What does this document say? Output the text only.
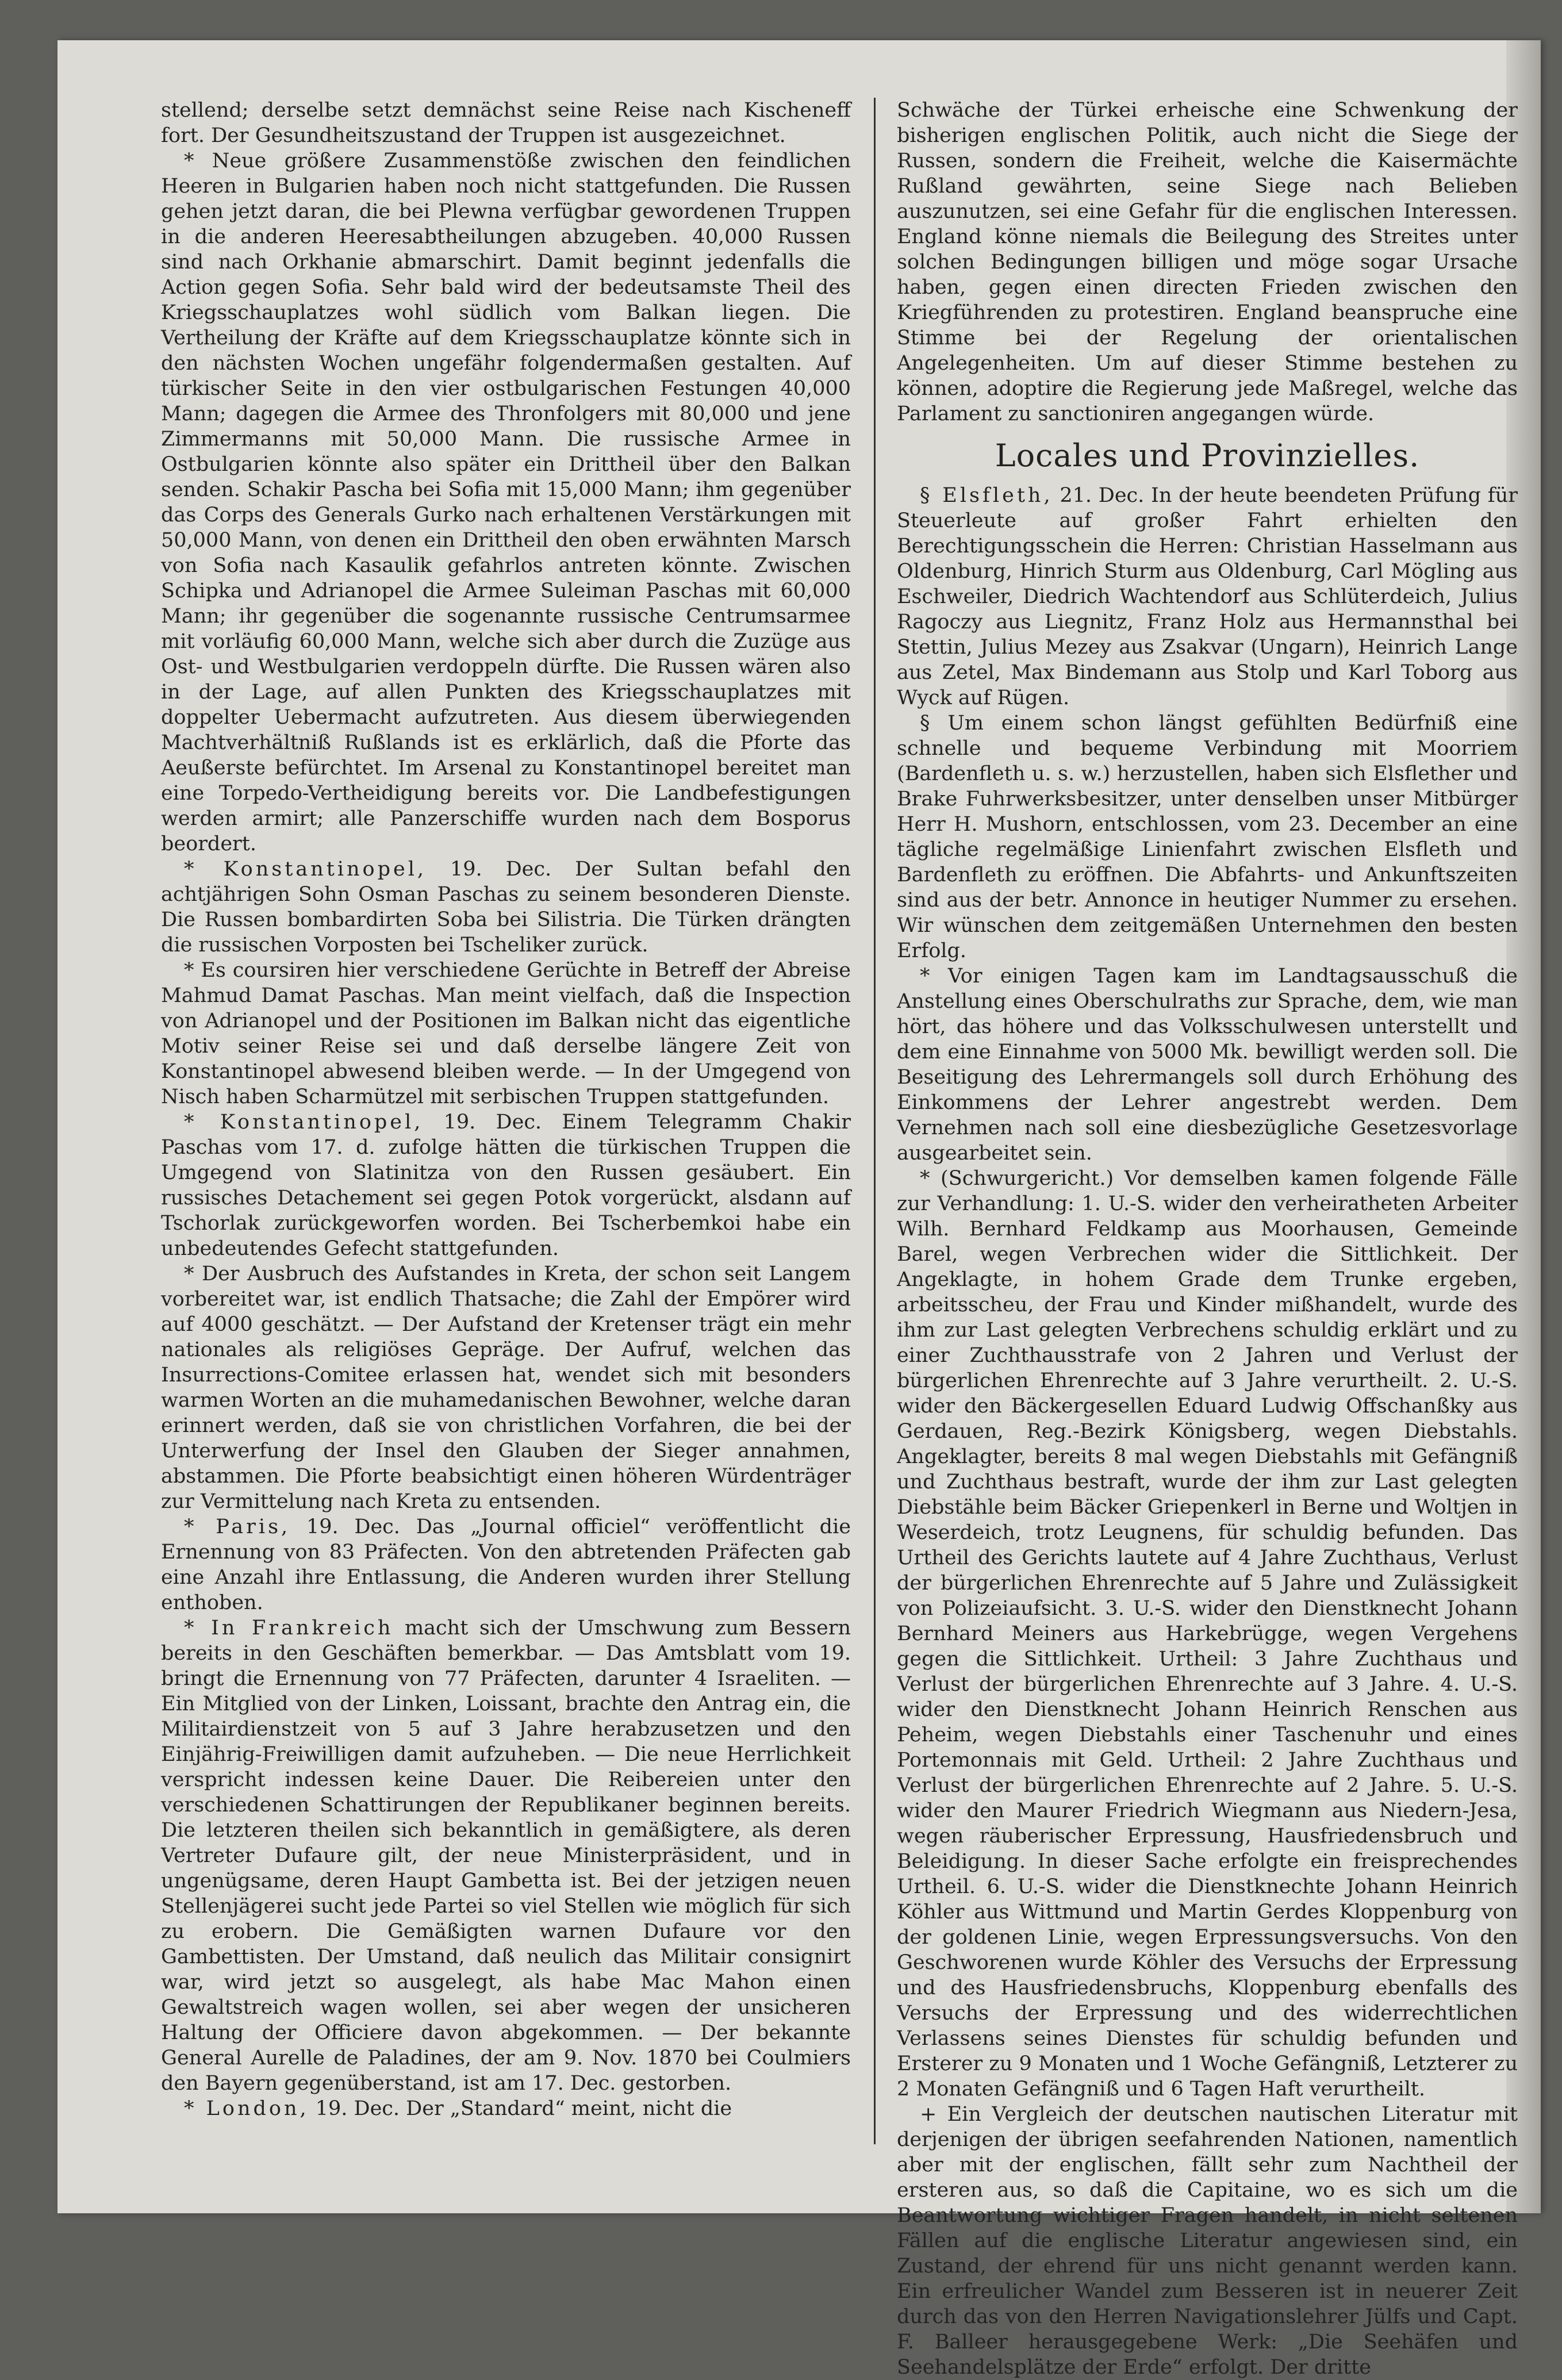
stellend; derselbe setzt demnächst seine Reise nach Kischeneff fort. Der Gesundheitszustand der Truppen ist ausgezeichnet.

* Neue größere Zusammenstöße zwischen den feindlichen Heeren in Bulgarien haben noch nicht stattgefunden. Die Russen gehen jetzt daran, die bei Plewna verfügbar gewordenen Truppen in die anderen Heeresabtheilungen abzugeben. 40,000 Russen sind nach Orkhanie abmarschirt. Damit beginnt jedenfalls die Action gegen Sofia. Sehr bald wird der bedeutsamste Theil des Kriegsschauplatzes wohl südlich vom Balkan liegen. Die Vertheilung der Kräfte auf dem Kriegsschauplatze könnte sich in den nächsten Wochen ungefähr folgendermaßen gestalten. Auf türkischer Seite in den vier ostbulgarischen Festungen 40,000 Mann; dagegen die Armee des Thronfolgers mit 80,000 und jene Zimmermanns mit 50,000 Mann. Die russische Armee in Ostbulgarien könnte also später ein Drittheil über den Balkan senden. Schakir Pascha bei Sofia mit 15,000 Mann; ihm gegenüber das Corps des Generals Gurko nach erhaltenen Verstärkungen mit 50,000 Mann, von denen ein Drittheil den oben erwähnten Marsch von Sofia nach Kasaulik gefahrlos antreten könnte. Zwischen Schipka und Adrianopel die Armee Suleiman Paschas mit 60,000 Mann; ihr gegenüber die sogenannte russische Centrumsarmee mit vorläufig 60,000 Mann, welche sich aber durch die Zuzüge aus Ost- und Westbulgarien verdoppeln dürfte. Die Russen wären also in der Lage, auf allen Punkten des Kriegsschauplatzes mit doppelter Uebermacht aufzutreten. Aus diesem überwiegenden Machtverhältniß Rußlands ist es erklärlich, daß die Pforte das Aeußerste befürchtet. Im Arsenal zu Konstantinopel bereitet man eine Torpedo-Vertheidigung bereits vor. Die Landbefestigungen werden armirt; alle Panzerschiffe wurden nach dem Bosporus beordert.

* Konstantinopel, 19. Dec. Der Sultan befahl den achtjährigen Sohn Osman Paschas zu seinem besonderen Dienste. Die Russen bombardirten Soba bei Silistria. Die Türken drängten die russischen Vorposten bei Tscheliker zurück.

* Es coursiren hier verschiedene Gerüchte in Betreff der Abreise Mahmud Damat Paschas. Man meint vielfach, daß die Inspection von Adrianopel und der Positionen im Balkan nicht das eigentliche Motiv seiner Reise sei und daß derselbe längere Zeit von Konstantinopel abwesend bleiben werde. — In der Umgegend von Nisch haben Scharmützel mit serbischen Truppen stattgefunden.

* Konstantinopel, 19. Dec. Einem Telegramm Chakir Paschas vom 17. d. zufolge hätten die türkischen Truppen die Umgegend von Slatinitza von den Russen gesäubert. Ein russisches Detachement sei gegen Potok vorgerückt, alsdann auf Tschorlak zurückgeworfen worden. Bei Tscherbemkoi habe ein unbedeutendes Gefecht stattgefunden.

* Der Ausbruch des Aufstandes in Kreta, der schon seit Langem vorbereitet war, ist endlich Thatsache; die Zahl der Empörer wird auf 4000 geschätzt. — Der Aufstand der Kretenser trägt ein mehr nationales als religiöses Gepräge. Der Aufruf, welchen das Insurrections-Comitee erlassen hat, wendet sich mit besonders warmen Worten an die muhamedanischen Bewohner, welche daran erinnert werden, daß sie von christlichen Vorfahren, die bei der Unterwerfung der Insel den Glauben der Sieger annahmen, abstammen. Die Pforte beabsichtigt einen höheren Würdenträger zur Vermittelung nach Kreta zu entsenden.

* Paris, 19. Dec. Das „Journal officiel“ veröffentlicht die Ernennung von 83 Präfecten. Von den abtretenden Präfecten gab eine Anzahl ihre Entlassung, die Anderen wurden ihrer Stellung enthoben.

* In Frankreich macht sich der Umschwung zum Bessern bereits in den Geschäften bemerkbar. — Das Amtsblatt vom 19. bringt die Ernennung von 77 Präfecten, darunter 4 Israeliten. — Ein Mitglied von der Linken, Loissant, brachte den Antrag ein, die Militairdienstzeit von 5 auf 3 Jahre herabzusetzen und den Einjährig-Freiwilligen damit aufzuheben. — Die neue Herrlichkeit verspricht indessen keine Dauer. Die Reibereien unter den verschiedenen Schattirungen der Republikaner beginnen bereits. Die letzteren theilen sich bekanntlich in gemäßigtere, als deren Vertreter Dufaure gilt, der neue Ministerpräsident, und in ungenügsame, deren Haupt Gambetta ist. Bei der jetzigen neuen Stellenjägerei sucht jede Partei so viel Stellen wie möglich für sich zu erobern. Die Gemäßigten warnen Dufaure vor den Gambettisten. Der Umstand, daß neulich das Militair consignirt war, wird jetzt so ausgelegt, als habe Mac Mahon einen Gewaltstreich wagen wollen, sei aber wegen der unsicheren Haltung der Officiere davon abgekommen. — Der bekannte General Aurelle de Paladines, der am 9. Nov. 1870 bei Coulmiers den Bayern gegenüberstand, ist am 17. Dec. gestorben.

* London, 19. Dec. Der „Standard“ meint, nicht die

Schwäche der Türkei erheische eine Schwenkung der bisherigen englischen Politik, auch nicht die Siege der Russen, sondern die Freiheit, welche die Kaisermächte Rußland gewährten, seine Siege nach Belieben auszunutzen, sei eine Gefahr für die englischen Interessen. England könne niemals die Beilegung des Streites unter solchen Bedingungen billigen und möge sogar Ursache haben, gegen einen directen Frieden zwischen den Kriegführenden zu protestiren. England beanspruche eine Stimme bei der Regelung der orientalischen Angelegenheiten. Um auf dieser Stimme bestehen zu können, adoptire die Regierung jede Maßregel, welche das Parlament zu sanctioniren angegangen würde.

Locales und Provinzielles.

§ Elsfleth, 21. Dec. In der heute beendeten Prüfung für Steuerleute auf großer Fahrt erhielten den Berechtigungsschein die Herren: Christian Hasselmann aus Oldenburg, Hinrich Sturm aus Oldenburg, Carl Mögling aus Eschweiler, Diedrich Wachtendorf aus Schlüterdeich, Julius Ragoczy aus Liegnitz, Franz Holz aus Hermannsthal bei Stettin, Julius Mezey aus Zsakvar (Ungarn), Heinrich Lange aus Zetel, Max Bindemann aus Stolp und Karl Toborg aus Wyck auf Rügen.

§ Um einem schon längst gefühlten Bedürfniß eine schnelle und bequeme Verbindung mit Moorriem (Bardenfleth u. s. w.) herzustellen, haben sich Elsflether und Brake Fuhrwerksbesitzer, unter denselben unser Mitbürger Herr H. Mushorn, entschlossen, vom 23. December an eine tägliche regelmäßige Linienfahrt zwischen Elsfleth und Bardenfleth zu eröffnen. Die Abfahrts- und Ankunftszeiten sind aus der betr. Annonce in heutiger Nummer zu ersehen. Wir wünschen dem zeitgemäßen Unternehmen den besten Erfolg.

* Vor einigen Tagen kam im Landtagsausschuß die Anstellung eines Oberschulraths zur Sprache, dem, wie man hört, das höhere und das Volksschulwesen unterstellt und dem eine Einnahme von 5000 Mk. bewilligt werden soll. Die Beseitigung des Lehrermangels soll durch Erhöhung des Einkommens der Lehrer angestrebt werden. Dem Vernehmen nach soll eine diesbezügliche Gesetzesvorlage ausgearbeitet sein.

* (Schwurgericht.) Vor demselben kamen folgende Fälle zur Verhandlung: 1. U.-S. wider den verheiratheten Arbeiter Wilh. Bernhard Feldkamp aus Moorhausen, Gemeinde Barel, wegen Verbrechen wider die Sittlichkeit. Der Angeklagte, in hohem Grade dem Trunke ergeben, arbeitsscheu, der Frau und Kinder mißhandelt, wurde des ihm zur Last gelegten Verbrechens schuldig erklärt und zu einer Zuchthausstrafe von 2 Jahren und Verlust der bürgerlichen Ehrenrechte auf 3 Jahre verurtheilt. 2. U.-S. wider den Bäckergesellen Eduard Ludwig Offschanßky aus Gerdauen, Reg.-Bezirk Königsberg, wegen Diebstahls. Angeklagter, bereits 8 mal wegen Diebstahls mit Gefängniß und Zuchthaus bestraft, wurde der ihm zur Last gelegten Diebstähle beim Bäcker Griepenkerl in Berne und Woltjen in Weserdeich, trotz Leugnens, für schuldig befunden. Das Urtheil des Gerichts lautete auf 4 Jahre Zuchthaus, Verlust der bürgerlichen Ehrenrechte auf 5 Jahre und Zulässigkeit von Polizeiaufsicht. 3. U.-S. wider den Dienstknecht Johann Bernhard Meiners aus Harkebrügge, wegen Vergehens gegen die Sittlichkeit. Urtheil: 3 Jahre Zuchthaus und Verlust der bürgerlichen Ehrenrechte auf 3 Jahre. 4. U.-S. wider den Dienstknecht Johann Heinrich Renschen aus Peheim, wegen Diebstahls einer Taschenuhr und eines Portemonnais mit Geld. Urtheil: 2 Jahre Zuchthaus und Verlust der bürgerlichen Ehrenrechte auf 2 Jahre. 5. U.-S. wider den Maurer Friedrich Wiegmann aus Niedern-Jesa, wegen räuberischer Erpressung, Hausfriedensbruch und Beleidigung. In dieser Sache erfolgte ein freisprechendes Urtheil. 6. U.-S. wider die Dienstknechte Johann Heinrich Köhler aus Wittmund und Martin Gerdes Kloppenburg von der goldenen Linie, wegen Erpressungsversuchs. Von den Geschworenen wurde Köhler des Versuchs der Erpressung und des Hausfriedensbruchs, Kloppenburg ebenfalls des Versuchs der Erpressung und des widerrechtlichen Verlassens seines Dienstes für schuldig befunden und Ersterer zu 9 Monaten und 1 Woche Gefängniß, Letzterer zu 2 Monaten Gefängniß und 6 Tagen Haft verurtheilt.

+ Ein Vergleich der deutschen nautischen Literatur mit derjenigen der übrigen seefahrenden Nationen, namentlich aber mit der englischen, fällt sehr zum Nachtheil der ersteren aus, so daß die Capitaine, wo es sich um die Beantwortung wichtiger Fragen handelt, in nicht seltenen Fällen auf die englische Literatur angewiesen sind, ein Zustand, der ehrend für uns nicht genannt werden kann. Ein erfreulicher Wandel zum Besseren ist in neuerer Zeit durch das von den Herren Navigationslehrer Jülfs und Capt. F. Balleer herausgegebene Werk: „Die Seehäfen und Seehandelsplätze der Erde“ erfolgt. Der dritte
